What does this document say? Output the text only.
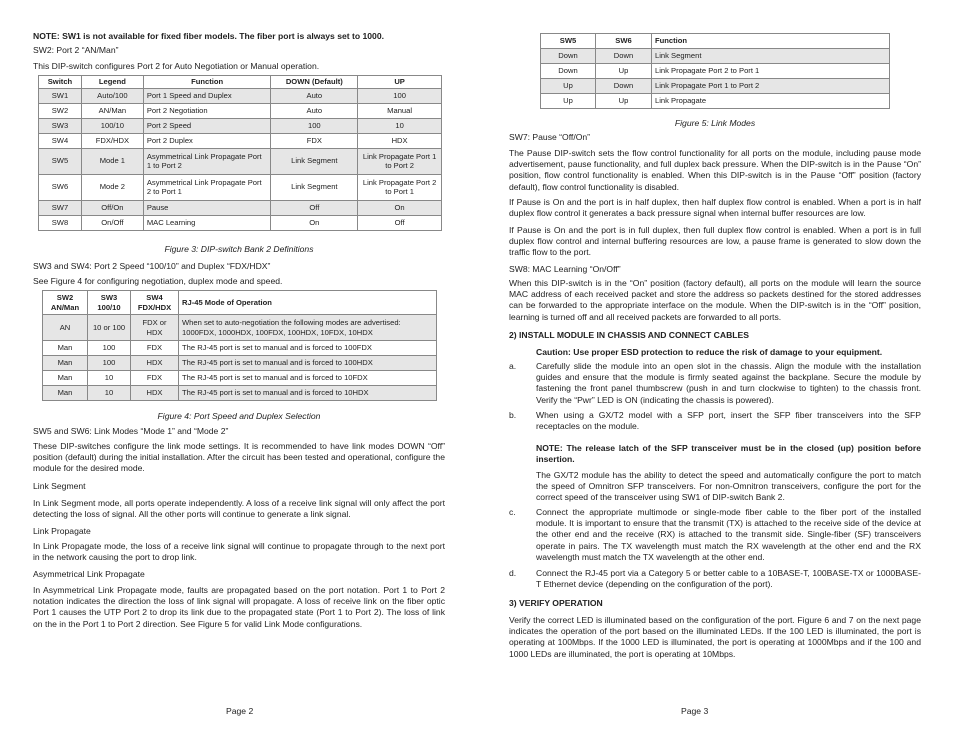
NOTE: SW1 is not available for fixed fiber models. The fiber port is always set to 1000.

SW2: Port 2 “AN/Man”

This DIP-switch configures Port 2 for Auto Negotiation or Manual operation.

Switch	Legend	Function	DOWN (Default)	UP
SW1	Auto/100	Port 1 Speed and Duplex	Auto	100
SW2	AN/Man	Port 2 Negotiation	Auto	Manual
SW3	100/10	Port 2 Speed	100	10
SW4	FDX/HDX	Port 2 Duplex	FDX	HDX
SW5	Mode 1	Asymmetrical Link Propagate Port 1 to Port 2	Link Segment	Link Propagate Port 1 to Port 2
SW6	Mode 2	Asymmetrical Link Propagate Port 2 to Port 1	Link Segment	Link Propagate Port 2 to Port 1
SW7	Off/On	Pause	Off	On
SW8	On/Off	MAC Learning	On	Off

Figure 3: DIP-switch Bank 2 Definitions

SW3 and SW4: Port 2 Speed “100/10” and Duplex “FDX/HDX”

See Figure 4 for configuring negotiation, duplex mode and speed.

SW2 AN/Man	SW3 100/10	SW4 FDX/HDX	RJ-45 Mode of Operation
AN	10 or 100	FDX or HDX	When set to auto-negotiation the following modes are advertised: 1000FDX, 1000HDX, 100FDX, 100HDX, 10FDX, 10HDX
Man	100	FDX	The RJ-45 port is set to manual and is forced to 100FDX
Man	100	HDX	The RJ-45 port is set to manual and is forced to 100HDX
Man	10	FDX	The RJ-45 port is set to manual and is forced to 10FDX
Man	10	HDX	The RJ-45 port is set to manual and is forced to 10HDX

Figure 4: Port Speed and Duplex Selection

SW5 and SW6: Link Modes “Mode 1” and “Mode 2”

These DIP-switches configure the link mode settings. It is recommended to have link modes DOWN “Off” position (default) during the initial installation. After the circuit has been tested and operational, configure the module for the desired mode.

Link Segment

In Link Segment mode, all ports operate independently. A loss of a receive link signal will only affect the port detecting the loss of signal. All the other ports will continue to generate a link signal.

Link Propagate

In Link Propagate mode, the loss of a receive link signal will continue to propagate through to the next port in the network causing the port to drop link.

Asymmetrical Link Propagate

In Asymmetrical Link Propagate mode, faults are propagated based on the port notation. Port 1 to Port 2 notation indicates the direction the loss of link signal will propagate. A loss of receive link on the fiber optic Port 1 causes the UTP Port 2 to drop its link due to the propagated state (Port 1 to Port 2). The loss of link on the in the Port 1 to Port 2 direction. See Figure 5 for valid Link Mode configurations.

Page 2
SW5	SW6	Function
Down	Down	Link Segment
Down	Up	Link Propagate Port 2 to Port 1
Up	Down	Link Propagate Port 1 to Port 2
Up	Up	Link Propagate

Figure 5: Link Modes

SW7: Pause “Off/On”

The Pause DIP-switch sets the flow control functionality for all ports on the module, including pause mode advertisement, pause functionality, and full duplex back pressure. When the DIP-switch is in the Pause “On” position, flow control functionality is enabled. When this DIP-switch is in the Pause “Off” position (factory default), flow control functionality is disabled.

If Pause is On and the port is in half duplex, then half duplex flow control is enabled. When a port is in half duplex flow control it generates a back pressure signal when internal buffer resources are low.

If Pause is On and the port is in full duplex, then full duplex flow control is enabled. When a port is in full duplex flow control and internal buffering resources are low, a pause frame is generated to slow down the traffic flow to the port.

SW8: MAC Learning “On/Off”

When this DIP-switch is in the “On” position (factory default), all ports on the module will learn the source MAC address of each received packet and store the address so packets destined for the stored addresses can be forwarded to the appropriate interface on the module. When the DIP-switch is in the “Off” position, learning is turned off and all received packets are forwarded to all ports.

2) INSTALL MODULE IN CHASSIS AND CONNECT CABLES

Caution: Use proper ESD protection to reduce the risk of damage to your equipment.

a. Carefully slide the module into an open slot in the chassis. Align the module with the installation guides and ensure that the module is firmly seated against the backplane. Secure the module by fastening the front panel thumbscrew (push in and turn clockwise to tighten) to the chassis front. Verify the “Pwr” LED is ON (indicating the chassis is powered).

b. When using a GX/T2 model with a SFP port, insert the SFP fiber transceivers into the SFP receptacles on the module.

NOTE: The release latch of the SFP transceiver must be in the closed (up) position before insertion.

The GX/T2 module has the ability to detect the speed and automatically configure the port to match the speed of Omnitron SFP transceivers. For non-Omnitron transceivers, configure the port for the correct speed of the transceiver using SW1 of DIP-switch Bank 2.

c. Connect the appropriate multimode or single-mode fiber cable to the fiber port of the installed module. It is important to ensure that the transmit (TX) is attached to the receive side of the device at the other end and the receive (RX) is attached to the transmit side. Single-fiber (SF) transceivers operate in pairs. The TX wavelength must match the RX wavelength at the other end and the RX wavelength must match the TX wavelength at the other end.

d. Connect the RJ-45 port via a Category 5 or better cable to a 10BASE-T, 100BASE-TX or 1000BASE-T Ethernet device (depending on the configuration of the port).

3) VERIFY OPERATION

Verify the correct LED is illuminated based on the configuration of the port. Figure 6 and 7 on the next page indicates the operation of the port based on the illuminated LEDs. If the 100 LED is illuminated, the port is operating at 100Mbps. If the 1000 LED is illuminated, the port is operating at 1000Mbps and if the 100 and 1000 LEDs are illuminated, the port is operating at 10Mbps.

Page 3
